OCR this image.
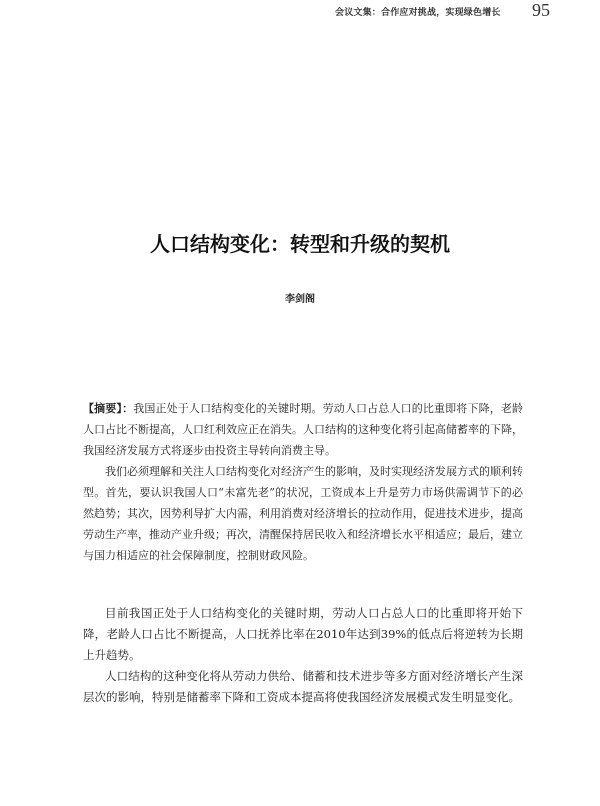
会议文集：合作应对挑战，实现绿色增长 95
人口结构变化：转型和升级的契机
李剑阁

【摘要】：我国正处于人口结构变化的关键时期。劳动人口占总人口的比重即将下降，老龄人口占比不断提高，人口红利效应正在消失。人口结构的这种变化将引起高储蓄率的下降，我国经济发展方式将逐步由投资主导转向消费主导。

我们必须理解和关注人口结构变化对经济产生的影响，及时实现经济发展方式的顺利转型。首先，要认识我国人口“未富先老”的状况，工资成本上升是劳力市场供需调节下的必然趋势；其次，因势利导扩大内需，利用消费对经济增长的拉动作用，促进技术进步，提高劳动生产率，推动产业升级；再次，清醒保持居民收入和经济增长水平相适应；最后，建立与国力相适应的社会保障制度，控制财政风险。

目前我国正处于人口结构变化的关键时期，劳动人口占总人口的比重即将开始下降，老龄人口占比不断提高，人口抚养比率在2010年达到39%的低点后将逆转为长期上升趋势。

人口结构的这种变化将从劳动力供给、储蓄和技术进步等多方面对经济增长产生深层次的影响，特别是储蓄率下降和工资成本提高将使我国经济发展模式发生明显变化。
